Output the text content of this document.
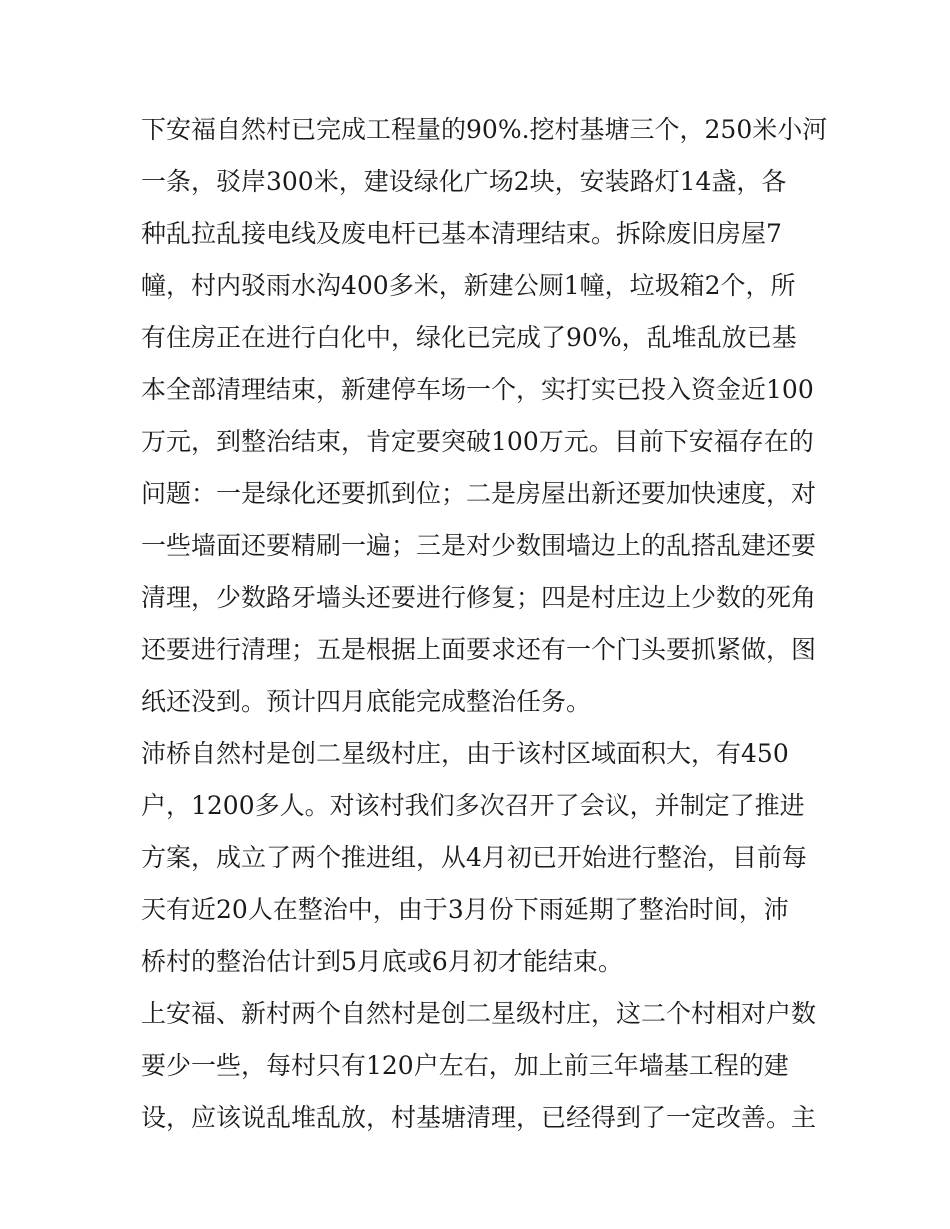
下安福自然村已完成工程量的90%.挖村基塘三个，250米小河
一条，驳岸300米，建设绿化广场2块，安装路灯14盏，各
种乱拉乱接电线及废电杆已基本清理结束。拆除废旧房屋7
幢，村内驳雨水沟400多米，新建公厕1幢，垃圾箱2个，所
有住房正在进行白化中，绿化已完成了90%，乱堆乱放已基
本全部清理结束，新建停车场一个，实打实已投入资金近100
万元，到整治结束，肯定要突破100万元。目前下安福存在的
问题：一是绿化还要抓到位；二是房屋出新还要加快速度，对
一些墙面还要精刷一遍；三是对少数围墙边上的乱搭乱建还要
清理，少数路牙墙头还要进行修复；四是村庄边上少数的死角
还要进行清理；五是根据上面要求还有一个门头要抓紧做，图
纸还没到。预计四月底能完成整治任务。
沛桥自然村是创二星级村庄，由于该村区域面积大，有450
户，1200多人。对该村我们多次召开了会议，并制定了推进
方案，成立了两个推进组，从4月初已开始进行整治，目前每
天有近20人在整治中，由于3月份下雨延期了整治时间，沛
桥村的整治估计到5月底或6月初才能结束。
上安福、新村两个自然村是创二星级村庄，这二个村相对户数
要少一些，每村只有120户左右，加上前三年墙基工程的建
设，应该说乱堆乱放，村基塘清理，已经得到了一定改善。主
